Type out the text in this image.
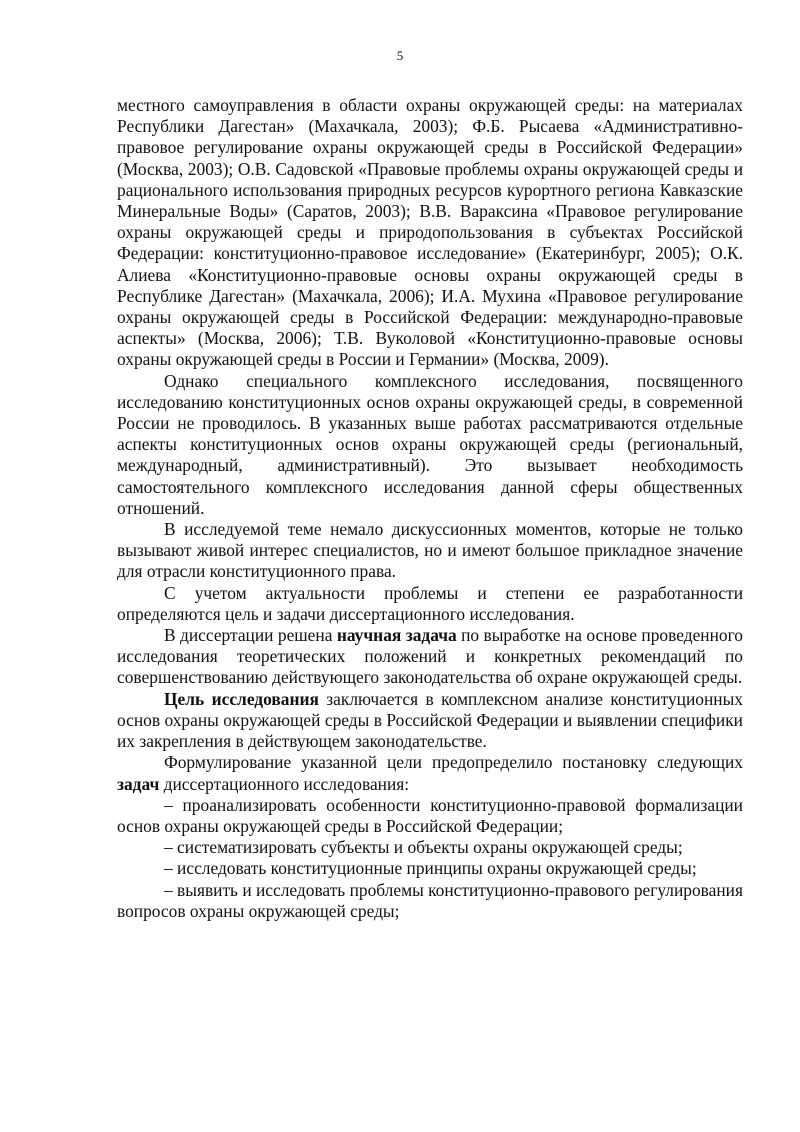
5

местного самоуправления в области охраны окружающей среды: на материалах Республики Дагестан» (Махачкала, 2003); Ф.Б. Рысаева «Административно-правовое регулирование охраны окружающей среды в Российской Федерации» (Москва, 2003); О.В. Садовской «Правовые проблемы охраны окружающей среды и рационального использования природных ресурсов курортного региона Кавказские Минеральные Воды» (Саратов, 2003); В.В. Вараксина «Правовое регулирование охраны окружающей среды и природопользования в субъектах Российской Федерации: конституционно-правовое исследование» (Екатеринбург, 2005); О.К. Алиева «Конституционно-правовые основы охраны окружающей среды в Республике Дагестан» (Махачкала, 2006); И.А. Мухина «Правовое регулирование охраны окружающей среды в Российской Федерации: международно-правовые аспекты» (Москва, 2006); Т.В. Вуколовой «Конституционно-правовые основы охраны окружающей среды в России и Германии» (Москва, 2009).

Однако специального комплексного исследования, посвященного исследованию конституционных основ охраны окружающей среды, в современной России не проводилось. В указанных выше работах рассматриваются отдельные аспекты конституционных основ охраны окружающей среды (региональный, международный, административный). Это вызывает необходимость самостоятельного комплексного исследования данной сферы общественных отношений.

В исследуемой теме немало дискуссионных моментов, которые не только вызывают живой интерес специалистов, но и имеют большое прикладное значение для отрасли конституционного права.

С учетом актуальности проблемы и степени ее разработанности определяются цель и задачи диссертационного исследования.

В диссертации решена научная задача по выработке на основе проведенного исследования теоретических положений и конкретных рекомендаций по совершенствованию действующего законодательства об охране окружающей среды.

Цель исследования заключается в комплексном анализе конституционных основ охраны окружающей среды в Российской Федерации и выявлении специфики их закрепления в действующем законодательстве.

Формулирование указанной цели предопределило постановку следующих задач диссертационного исследования:

– проанализировать особенности конституционно-правовой формализации основ охраны окружающей среды в Российской Федерации;

– систематизировать субъекты и объекты охраны окружающей среды;

– исследовать конституционные принципы охраны окружающей среды;

– выявить и исследовать проблемы конституционно-правового регулирования вопросов охраны окружающей среды;
